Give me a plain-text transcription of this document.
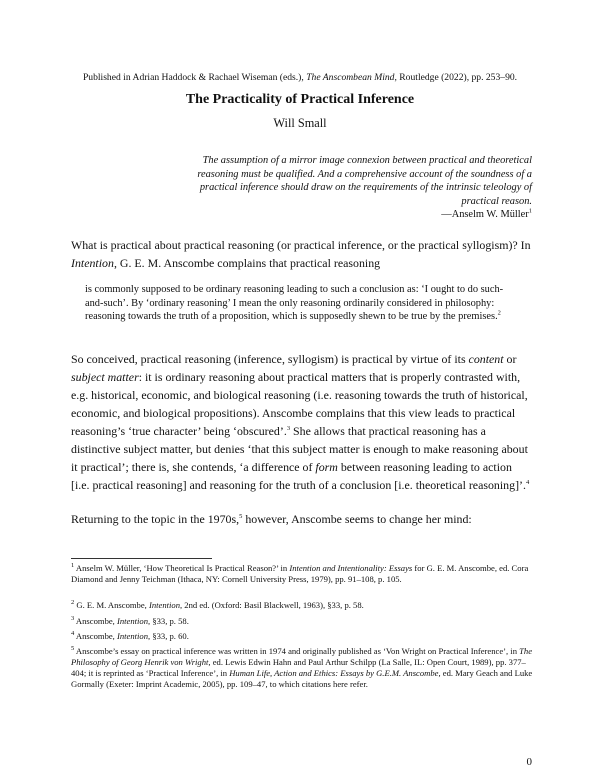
Published in Adrian Haddock & Rachael Wiseman (eds.), The Anscombean Mind, Routledge (2022), pp. 253–90.
The Practicality of Practical Inference
Will Small
The assumption of a mirror image connexion between practical and theoretical reasoning must be qualified. And a comprehensive account of the soundness of a practical inference should draw on the requirements of the intrinsic teleology of practical reason.
—Anselm W. Müller$^1$
What is practical about practical reasoning (or practical inference, or the practical syllogism)? In Intention, G. E. M. Anscombe complains that practical reasoning
is commonly supposed to be ordinary reasoning leading to such a conclusion as: ‘I ought to do such-and-such’. By ‘ordinary reasoning’ I mean the only reasoning ordinarily considered in philosophy: reasoning towards the truth of a proposition, which is supposedly shewn to be true by the premises.$^2$
So conceived, practical reasoning (inference, syllogism) is practical by virtue of its content or subject matter: it is ordinary reasoning about practical matters that is properly contrasted with, e.g. historical, economic, and biological reasoning (i.e. reasoning towards the truth of historical, economic, and biological propositions). Anscombe complains that this view leads to practical reasoning’s ‘true character’ being ‘obscured’.$^3$ She allows that practical reasoning has a distinctive subject matter, but denies ‘that this subject matter is enough to make reasoning about it practical’; there is, she contends, ‘a difference of form between reasoning leading to action [i.e. practical reasoning] and reasoning for the truth of a conclusion [i.e. theoretical reasoning]’.$^4$
Returning to the topic in the 1970s,$^5$ however, Anscombe seems to change her mind:
$^1$ Anselm W. Müller, ‘How Theoretical Is Practical Reason?’ in Intention and Intentionality: Essays for G. E. M. Anscombe, ed. Cora Diamond and Jenny Teichman (Ithaca, NY: Cornell University Press, 1979), pp. 91–108, p. 105.
$^2$ G. E. M. Anscombe, Intention, 2nd ed. (Oxford: Basil Blackwell, 1963), §33, p. 58.
$^3$ Anscombe, Intention, §33, p. 58.
$^4$ Anscombe, Intention, §33, p. 60.
$^5$ Anscombe’s essay on practical inference was written in 1974 and originally published as ‘Von Wright on Practical Inference’, in The Philosophy of Georg Henrik von Wright, ed. Lewis Edwin Hahn and Paul Arthur Schilpp (La Salle, IL: Open Court, 1989), pp. 377–404; it is reprinted as ‘Practical Inference’, in Human Life, Action and Ethics: Essays by G.E.M. Anscombe, ed. Mary Geach and Luke Gormally (Exeter: Imprint Academic, 2005), pp. 109–47, to which citations here refer.
0
